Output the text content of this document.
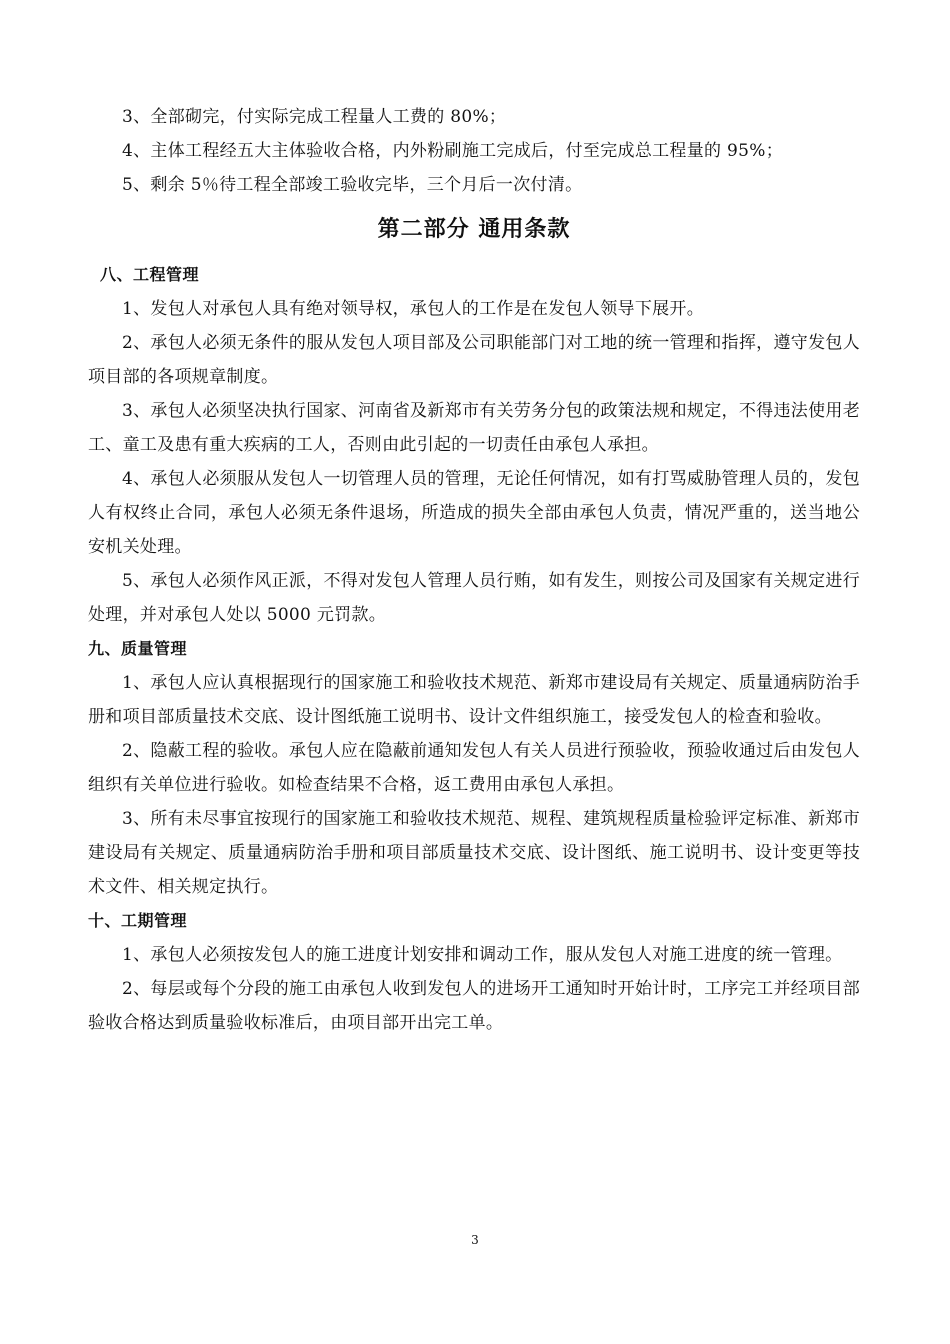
3、全部砌完，付实际完成工程量人工费的 80%；

4、主体工程经五大主体验收合格，内外粉刷施工完成后，付至完成总工程量的 95%；

5、剩余 5％待工程全部竣工验收完毕，三个月后一次付清。

第二部分 通用条款
八、工程管理

1、发包人对承包人具有绝对领导权，承包人的工作是在发包人领导下展开。

2、承包人必须无条件的服从发包人项目部及公司职能部门对工地的统一管理和指挥，遵守发包人项目部的各项规章制度。

3、承包人必须坚决执行国家、河南省及新郑市有关劳务分包的政策法规和规定，不得违法使用老工、童工及患有重大疾病的工人，否则由此引起的一切责任由承包人承担。

4、承包人必须服从发包人一切管理人员的管理，无论任何情况，如有打骂威胁管理人员的，发包人有权终止合同，承包人必须无条件退场，所造成的损失全部由承包人负责，情况严重的，送当地公安机关处理。

5、承包人必须作风正派，不得对发包人管理人员行贿，如有发生，则按公司及国家有关规定进行处理，并对承包人处以 5000 元罚款。

九、质量管理

1、承包人应认真根据现行的国家施工和验收技术规范、新郑市建设局有关规定、质量通病防治手册和项目部质量技术交底、设计图纸施工说明书、设计文件组织施工，接受发包人的检查和验收。

2、隐蔽工程的验收。承包人应在隐蔽前通知发包人有关人员进行预验收，预验收通过后由发包人组织有关单位进行验收。如检查结果不合格，返工费用由承包人承担。

3、所有未尽事宜按现行的国家施工和验收技术规范、规程、建筑规程质量检验评定标准、新郑市建设局有关规定、质量通病防治手册和项目部质量技术交底、设计图纸、施工说明书、设计变更等技术文件、相关规定执行。

十、工期管理

1、承包人必须按发包人的施工进度计划安排和调动工作，服从发包人对施工进度的统一管理。

2、每层或每个分段的施工由承包人收到发包人的进场开工通知时开始计时，工序完工并经项目部验收合格达到质量验收标准后，由项目部开出完工单。

3
